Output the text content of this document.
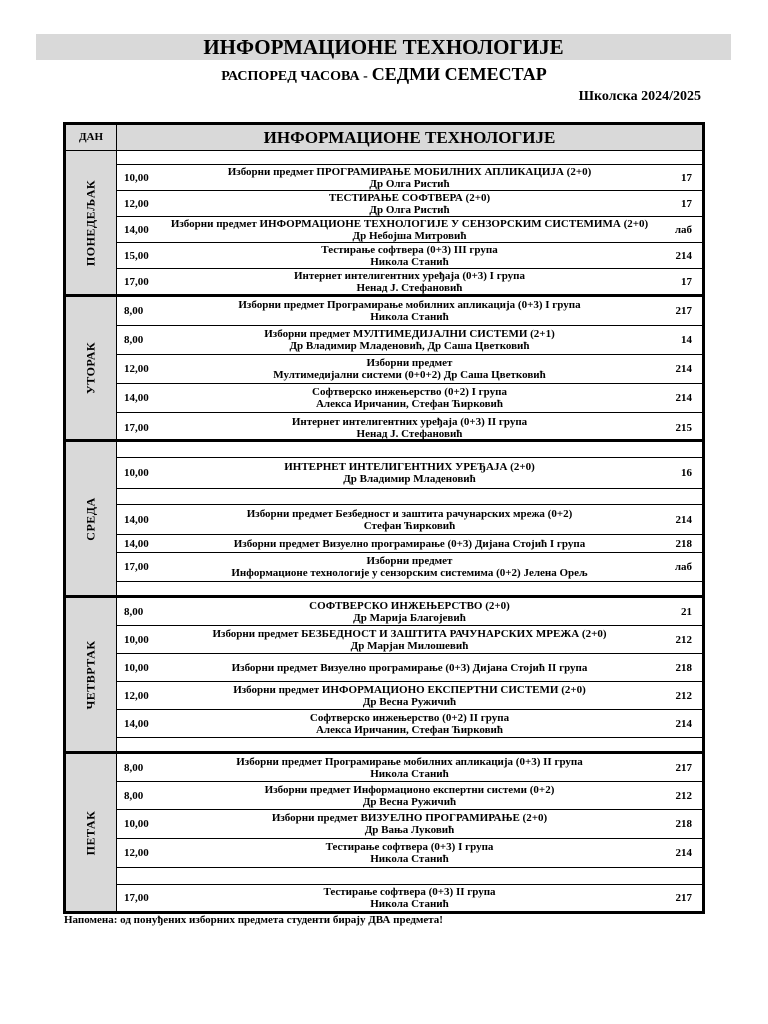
ИНФОРМАЦИОНЕ ТЕХНОЛОГИЈЕ
РАСПОРЕД ЧАСОВА - СЕДМИ СЕМЕСТАР
Школска 2024/2025
ДАН	ИНФОРМАЦИОНЕ ТЕХНОЛОГИЈЕ
ПОНЕДЕЉАК
10,00	Изборни предмет ПРОГРАМИРАЊЕ МОБИЛНИХ АПЛИКАЦИЈА (2+0)
Др Олга Ристић	17
12,00	ТЕСТИРАЊЕ СОФТВЕРА (2+0)
Др Олга Ристић	17
14,00	Изборни предмет ИНФОРМАЦИОНЕ ТЕХНОЛОГИЈЕ У СЕНЗОРСКИМ СИСТЕМИМА (2+0)
Др Небојша Митровић	лаб
15,00	Тестирање софтвера (0+3) III група
Никола Станић	214
17,00	Интернет интелигентних уређаја (0+3) I група
Ненад Ј. Стефановић	17
УТОРАК
8,00	Изборни предмет Програмирање мобилних апликација (0+3) I група
Никола Станић	217
8,00	Изборни предмет МУЛТИМЕДИЈАЛНИ СИСТЕМИ (2+1)
Др Владимир Младеновић, Др Саша Цветковић	14
12,00	Изборни предмет
Мултимедијални системи (0+0+2) Др Саша Цветковић	214
14,00	Софтверско инжењерство (0+2) I група
Алекса Иричанин, Стефан Ћирковић	214
17,00	Интернет интелигентних уређаја (0+3) II група
Ненад Ј. Стефановић	215
СРЕДА
10,00	ИНТЕРНЕТ ИНТЕЛИГЕНТНИХ УРЕЂАЈА (2+0)
Др Владимир Младеновић	16
14,00	Изборни предмет Безбедност и заштита рачунарских мрежа (0+2)
Стефан Ћирковић	214
14,00	Изборни предмет Визуелно програмирање (0+3) Дијана Стојић I група	218
17,00	Изборни предмет
Информационе технологије у сензорским системима (0+2) Јелена Орељ	лаб
ЧЕТВРТАК
8,00	СОФТВЕРСКО ИНЖЕЊЕРСТВО (2+0)
Др Марија Благојевић	21
10,00	Изборни предмет БЕЗБЕДНОСТ И ЗАШТИТА РАЧУНАРСКИХ МРЕЖА (2+0)
Др Марјан Милошевић	212
10,00	Изборни предмет Визуелно програмирање (0+3) Дијана Стојић II група	218
12,00	Изборни предмет ИНФОРМАЦИОНО ЕКСПЕРТНИ СИСТЕМИ (2+0)
Др Весна Ружичић	212
14,00	Софтверско инжењерство (0+2) II група
Алекса Иричанин, Стефан Ћирковић	214
ПЕТАК
8,00	Изборни предмет Програмирање мобилних апликација (0+3) II група
Никола Станић	217
8,00	Изборни предмет Информационо експертни системи (0+2)
Др Весна Ружичић	212
10,00	Изборни предмет ВИЗУЕЛНО ПРОГРАМИРАЊЕ (2+0)
Др Вања Луковић	218
12,00	Тестирање софтвера (0+3) I група
Никола Станић	214
17,00	Тестирање софтвера (0+3) II група
Никола Станић	217
Напомена: од понуђених изборних предмета студенти бирају ДВА предмета!
